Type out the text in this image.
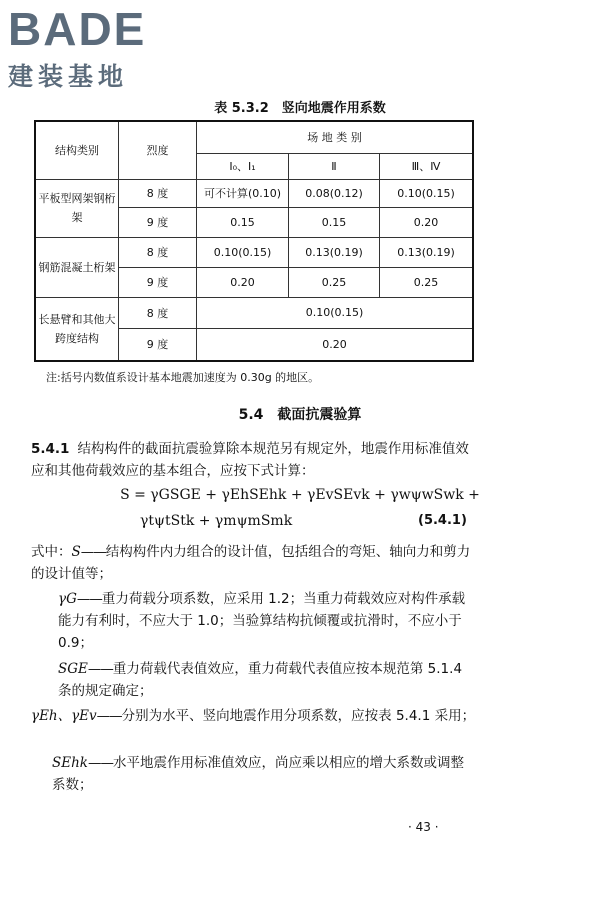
BADE
建装基地
表 5.3.2　竖向地震作用系数
结构类别	烈度	场 地 类 别		
		Ⅰ₀、Ⅰ₁	Ⅱ	Ⅲ、Ⅳ
平板型网架钢桁架	8 度	可不计算(0.10)	0.08(0.12)	0.10(0.15)
	9 度	0.15	0.15	0.20
钢筋混凝土桁架	8 度	0.10(0.15)	0.13(0.19)	0.13(0.19)
	9 度	0.20	0.25	0.25
长悬臂和其他大跨度结构	8 度	0.10(0.15)		
	9 度	0.20		
注:括号内数值系设计基本地震加速度为 0.30g 的地区。
5.4　截面抗震验算
5.4.1 结构构件的截面抗震验算除本规范另有规定外，地震作用标准值效应和其他荷载效应的基本组合，应按下式计算：
S = γGSGE + γEhSEhk + γEvSEvk + γwψwSwk +
γtψtStk + γmψmSmk	(5.4.1)
式中：S——结构构件内力组合的设计值，包括组合的弯矩、轴向力和剪力的设计值等；
γG——重力荷载分项系数，应采用 1.2；当重力荷载效应对构件承载能力有利时，不应大于 1.0；当验算结构抗倾覆或抗滑时，不应小于 0.9；
SGE——重力荷载代表值效应，重力荷载代表值应按本规范第 5.1.4 条的规定确定；
γEh、γEv——分别为水平、竖向地震作用分项系数，应按表 5.4.1 采用；
SEhk——水平地震作用标准值效应，尚应乘以相应的增大系数或调整系数；
· 43 ·
